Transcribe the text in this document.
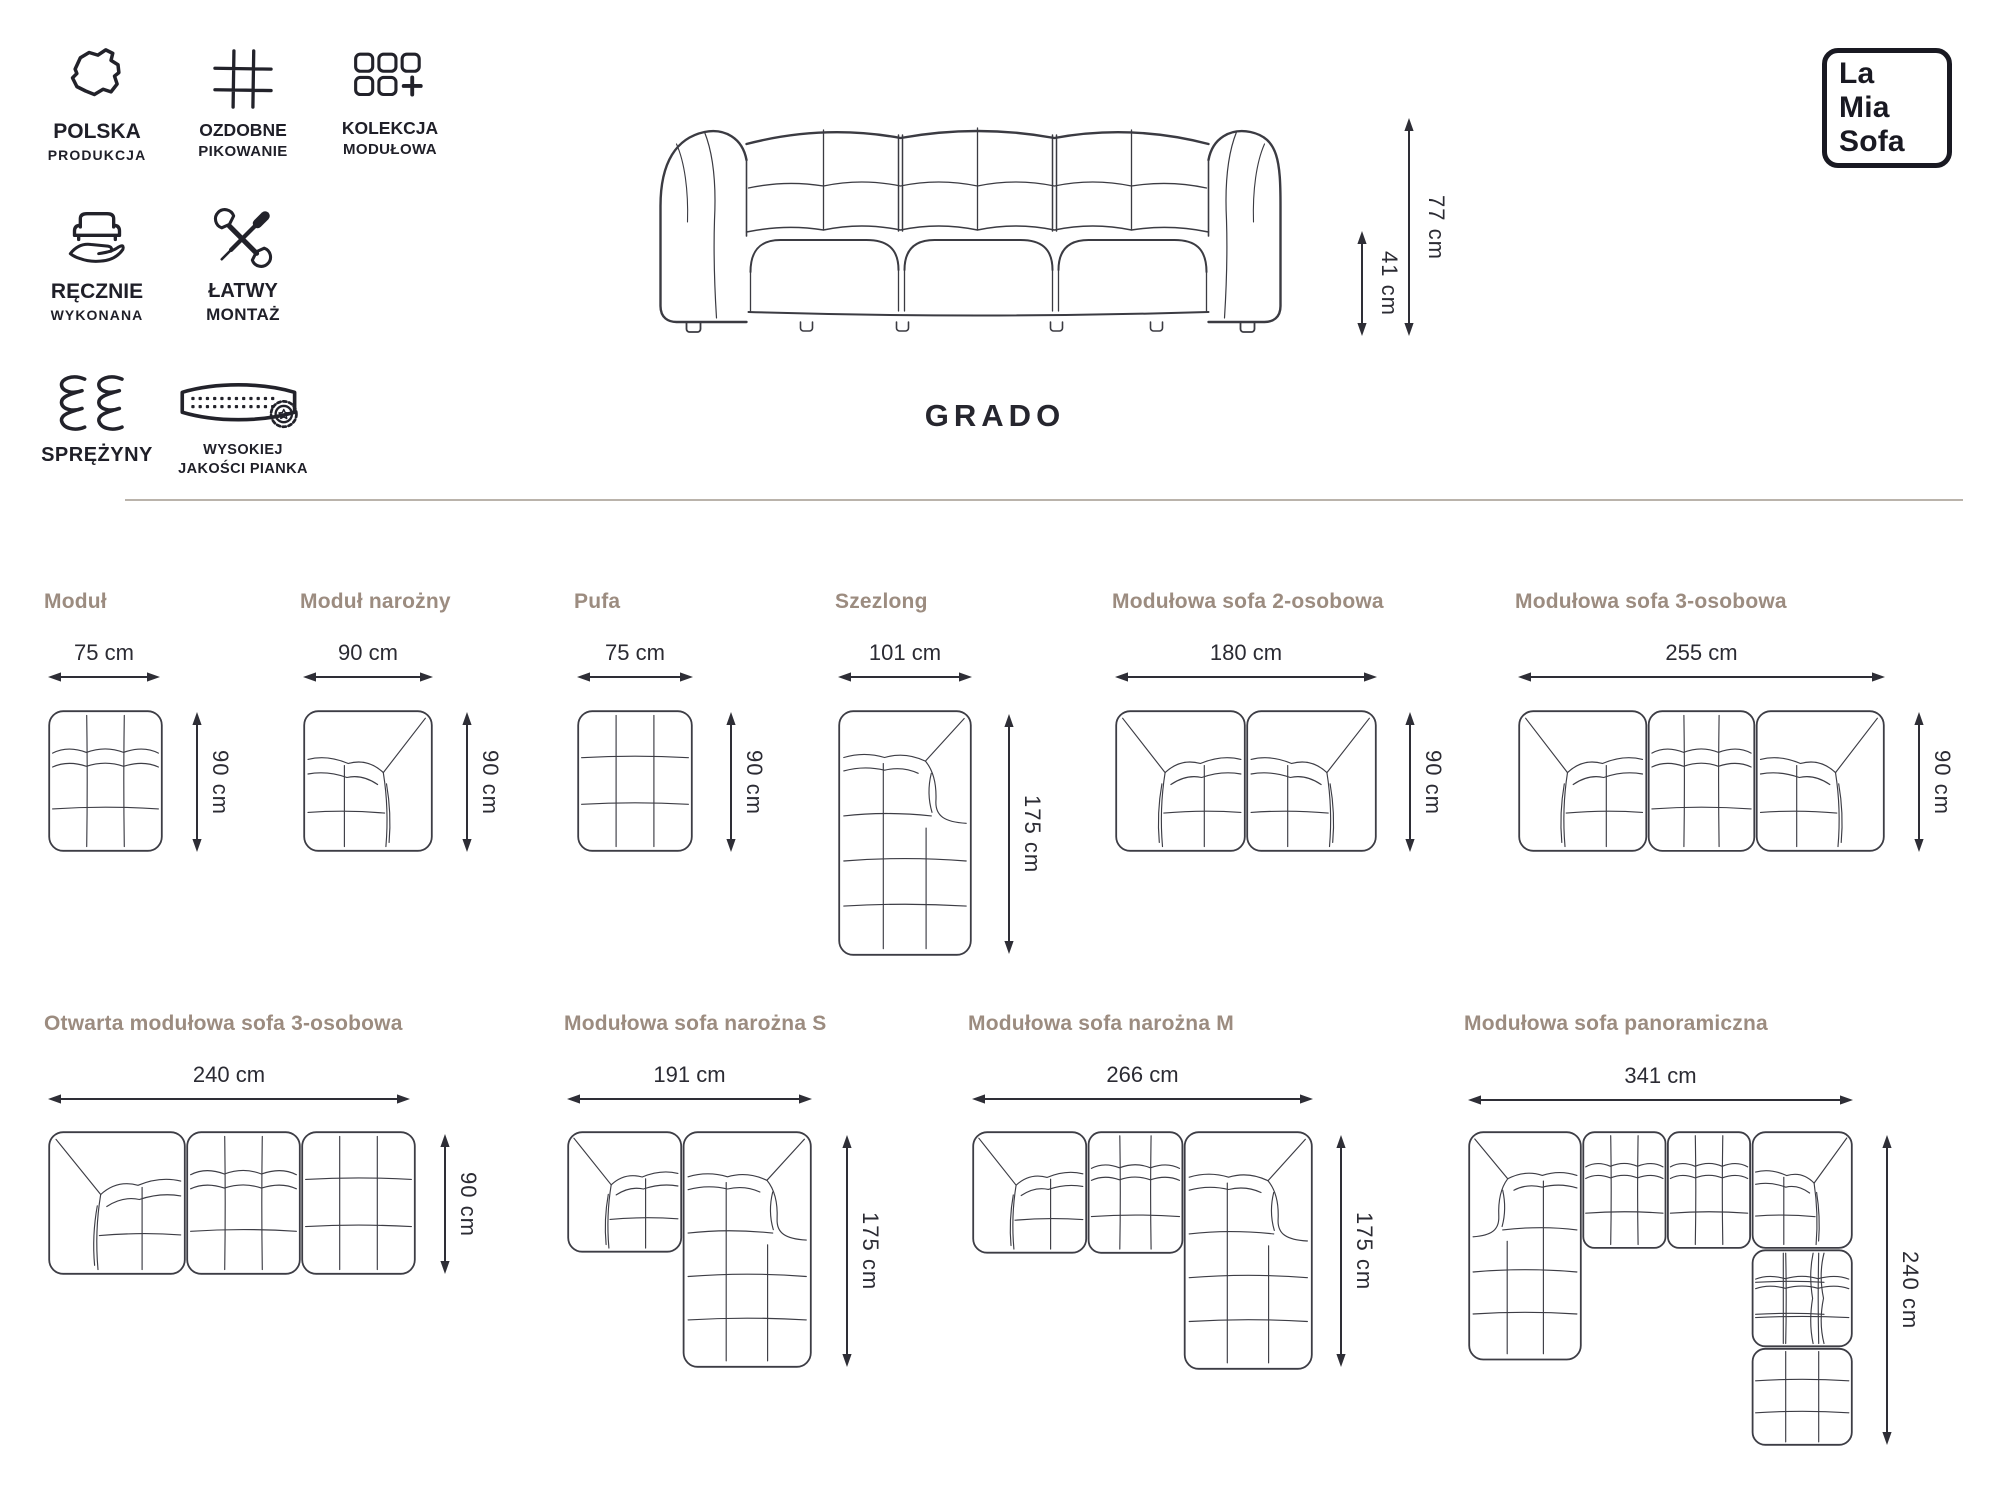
POLSKA
PRODUKCJA
OZDOBNE
PIKOWANIE
KOLEKCJA
MODUŁOWA
RĘCZNIE
WYKONANA
ŁATWY
MONTAŻ
SPRĘŻYNY	WYSOKIEJ
JAKOŚCI PIANKA
La
Mia
Sofa
77 cm
41 cm
GRADO
Moduł
75 cm
90 cm
Moduł narożny
90 cm
90 cm
Pufa
75 cm
90 cm
Szezlong
101 cm
175 cm
Modułowa sofa 2-osobowa
180 cm
90 cm
Modułowa sofa 3-osobowa
255 cm
90 cm
Otwarta modułowa sofa 3-osobowa
240 cm
90 cm
Modułowa sofa narożna S
191 cm
175 cm
Modułowa sofa narożna M
266 cm
175 cm
Modułowa sofa panoramiczna
341 cm
240 cm
